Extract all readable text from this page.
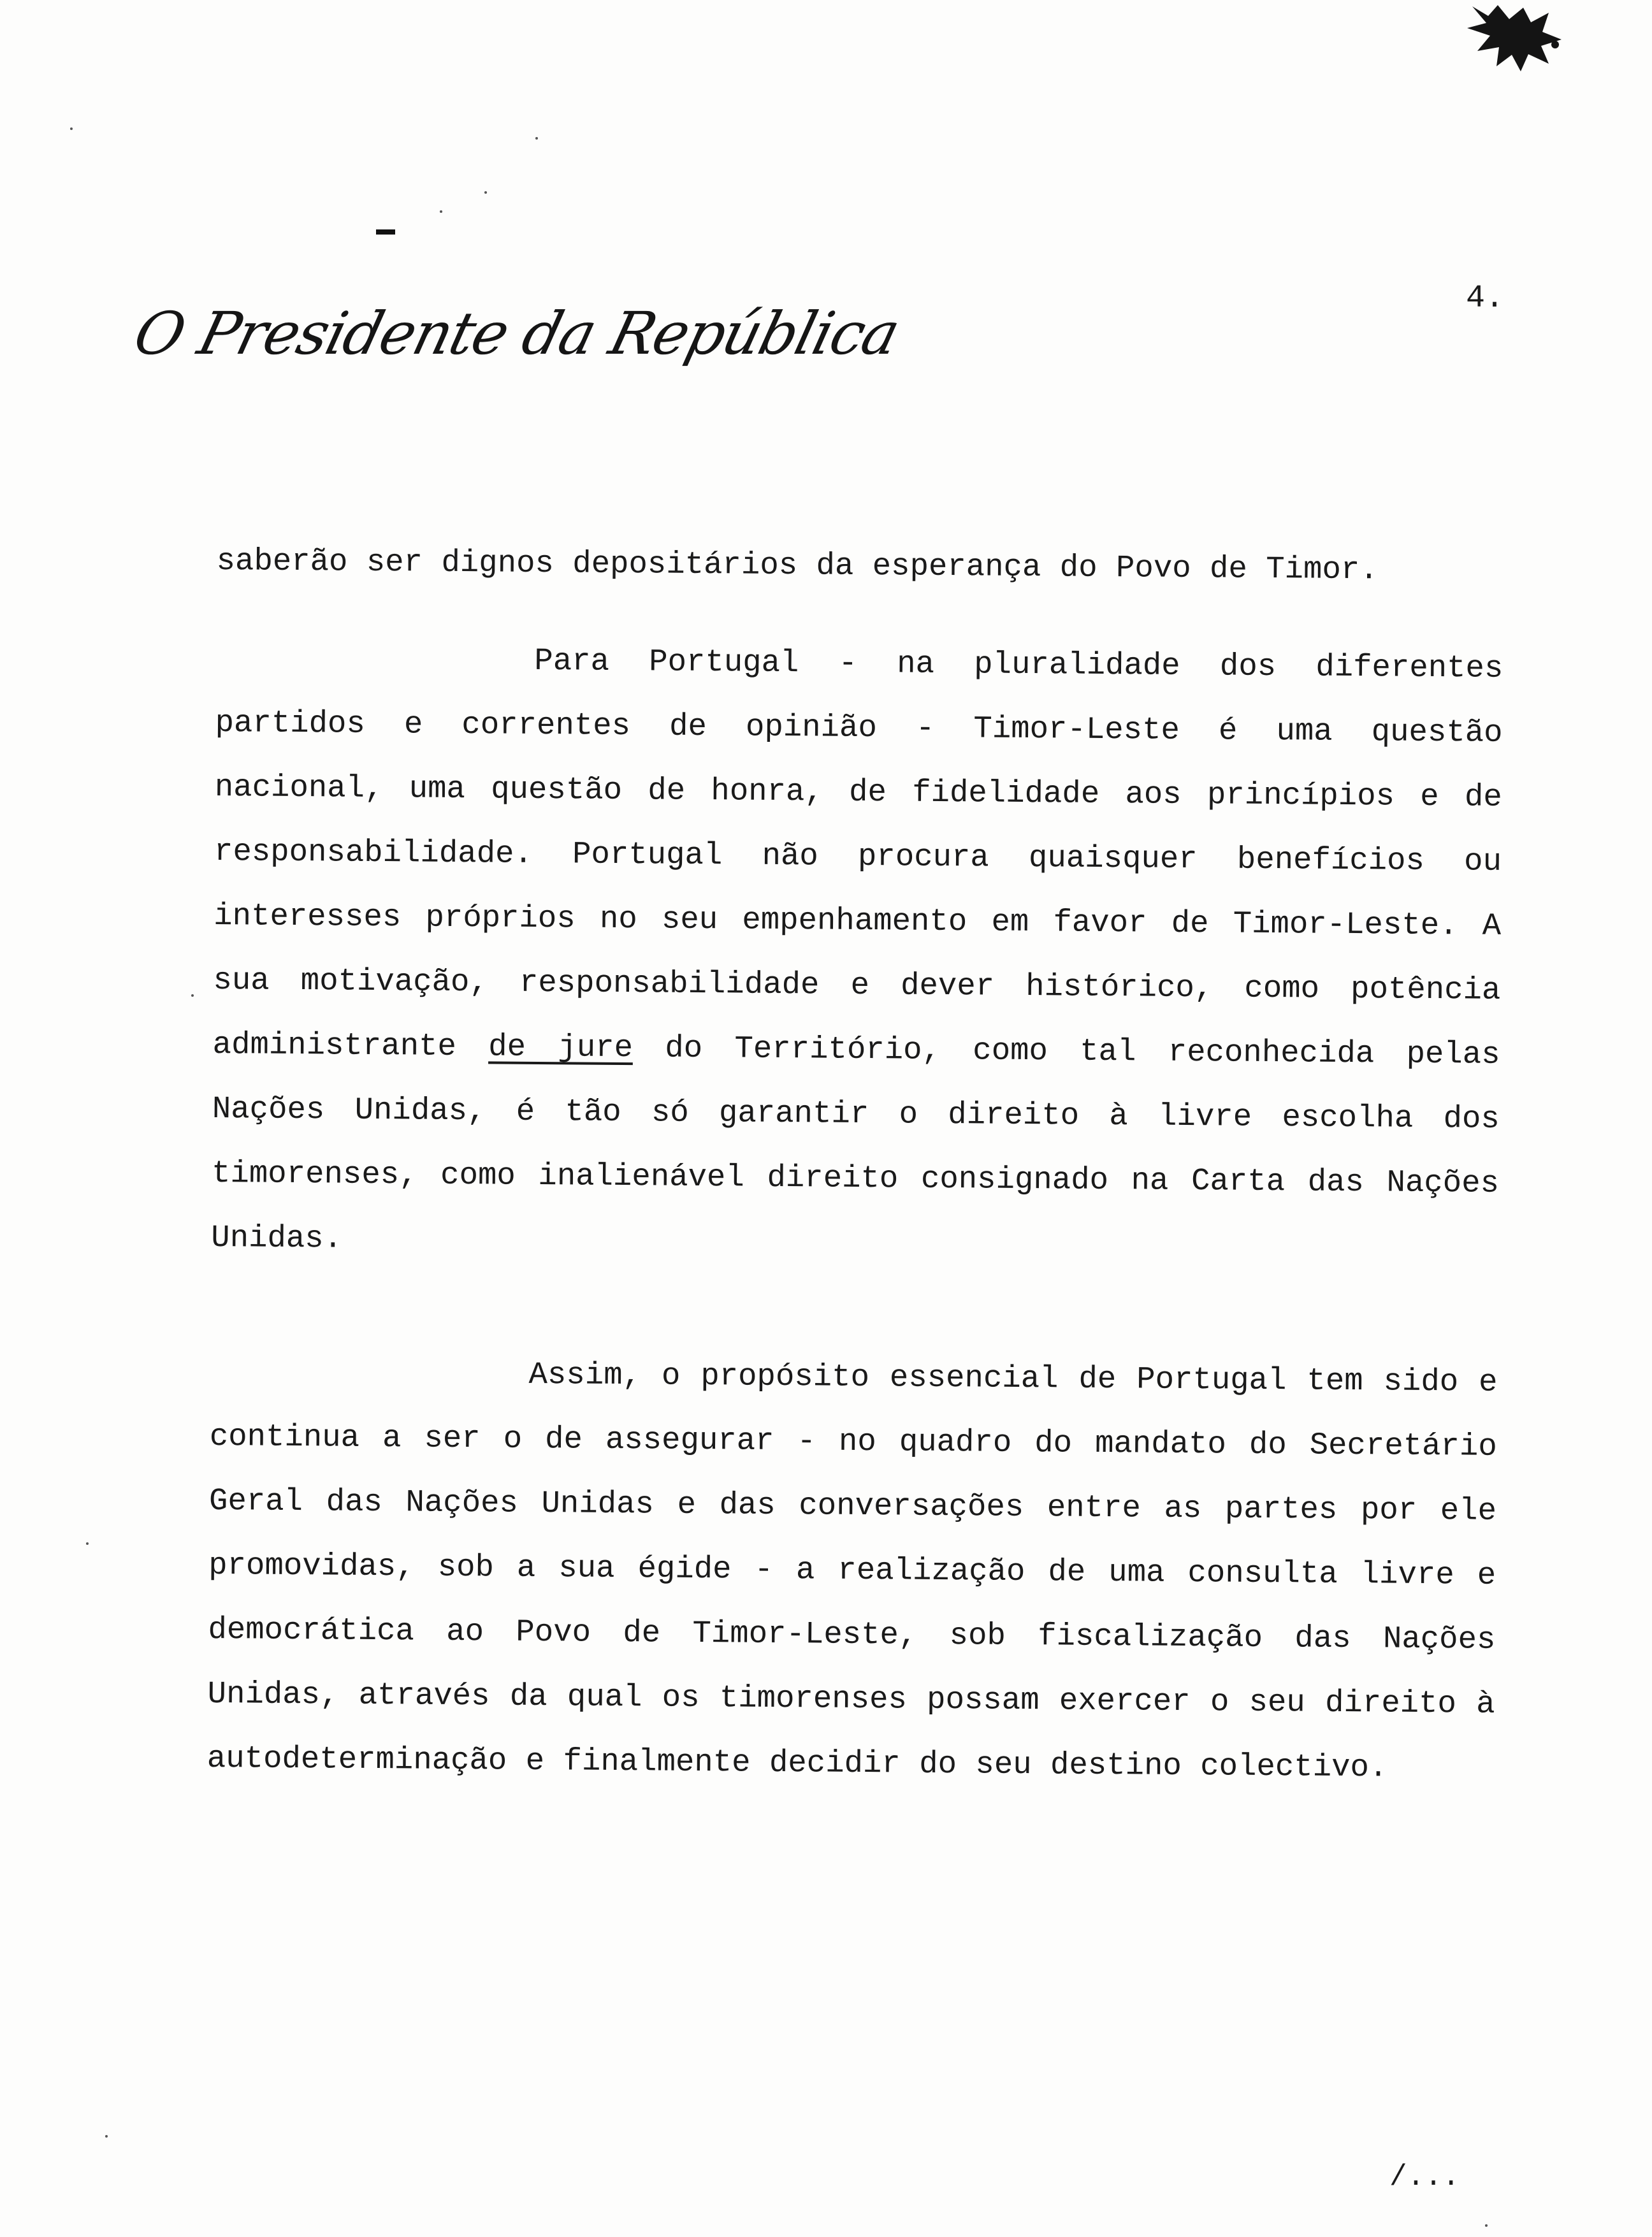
O Presidente da República
4.

saberão ser dignos depositários da esperança do Povo de Timor.

Para Portugal - na pluralidade dos diferentes partidos e correntes de opinião - Timor-Leste é uma questão nacional, uma questão de honra, de fidelidade aos princípios e de responsabilidade. Portugal não procura quaisquer benefícios ou interesses próprios no seu empenhamento em favor de Timor-Leste. A sua motivação, responsabilidade e dever histórico, como potência administrante de jure do Território, como tal reconhecida pelas Nações Unidas, é tão só garantir o direito à livre escolha dos timorenses, como inalienável direito consignado na Carta das Nações Unidas.

Assim, o propósito essencial de Portugal tem sido e continua a ser o de assegurar - no quadro do mandato do Secretário Geral das Nações Unidas e das conversações entre as partes por ele promovidas, sob a sua égide - a realização de uma consulta livre e democrática ao Povo de Timor-Leste, sob fiscalização das Nações Unidas, através da qual os timorenses possam exercer o seu direito à autodeterminação e finalmente decidir do seu destino colectivo.

/...
